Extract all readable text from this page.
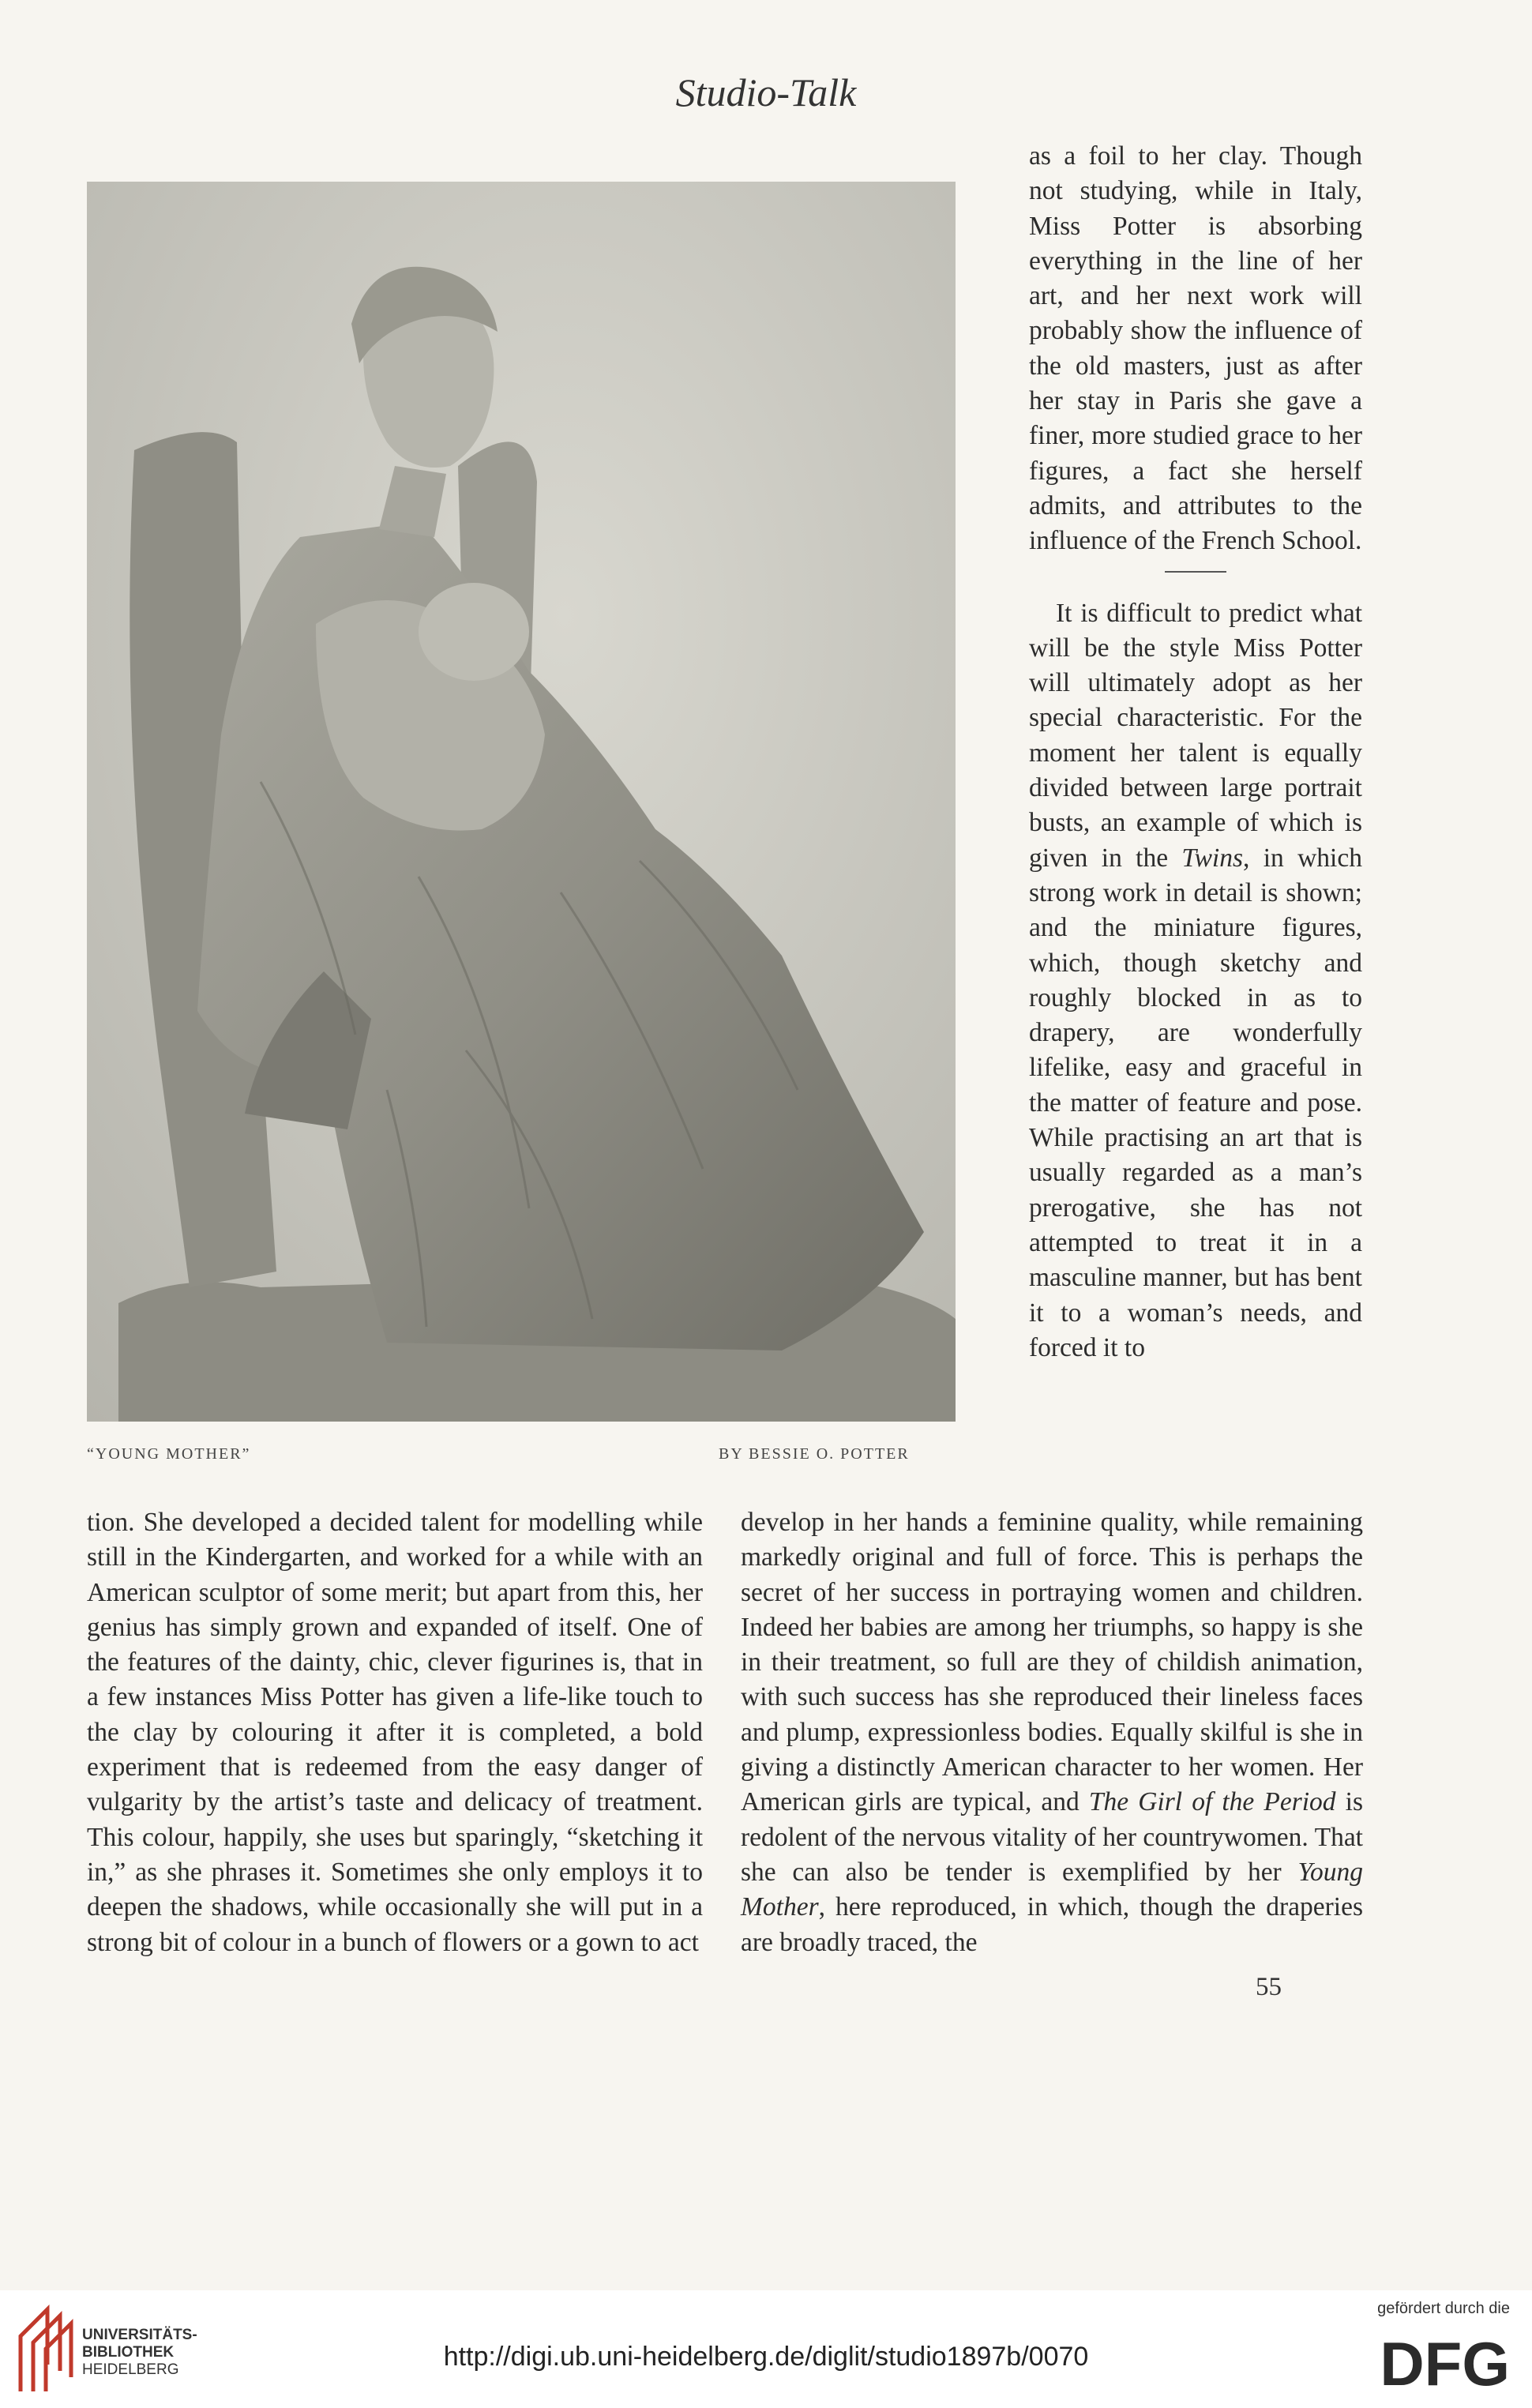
Studio-Talk
“YOUNG MOTHER”	BY BESSIE O. POTTER

as a foil to her clay. Though not studying, while in Italy, Miss Potter is absorbing everything in the line of her art, and her next work will probably show the influence of the old masters, just as after her stay in Paris she gave a finer, more studied grace to her figures, a fact she herself admits, and attributes to the influence of the French School.

It is difficult to predict what will be the style Miss Potter will ultimately adopt as her special characteristic. For the moment her talent is equally divided between large portrait busts, an example of which is given in the Twins, in which strong work in detail is shown; and the miniature figures, which, though sketchy and roughly blocked in as to drapery, are wonderfully lifelike, easy and graceful in the matter of feature and pose. While practising an art that is usually regarded as a man’s prerogative, she has not attempted to treat it in a masculine manner, but has bent it to a woman’s needs, and forced it to

tion. She developed a decided talent for modelling while still in the Kindergarten, and worked for a while with an American sculptor of some merit; but apart from this, her genius has simply grown and expanded of itself. One of the features of the dainty, chic, clever figurines is, that in a few instances Miss Potter has given a life-like touch to the clay by colouring it after it is completed, a bold experiment that is redeemed from the easy danger of vulgarity by the artist’s taste and delicacy of treatment. This colour, happily, she uses but sparingly, “sketching it in,” as she phrases it. Sometimes she only employs it to deepen the shadows, while occasionally she will put in a strong bit of colour in a bunch of flowers or a gown to act

develop in her hands a feminine quality, while remaining markedly original and full of force. This is perhaps the secret of her success in portraying women and children. Indeed her babies are among her triumphs, so happy is she in their treatment, so full are they of childish animation, with such success has she reproduced their lineless faces and plump, expressionless bodies. Equally skilful is she in giving a distinctly American character to her women. Her American girls are typical, and The Girl of the Period is redolent of the nervous vitality of her countrywomen. That she can also be tender is exemplified by her Young Mother, here reproduced, in which, though the draperies are broadly traced, the

55
UNIVERSITÄTS-
BIBLIOTHEK
HEIDELBERG	http://digi.ub.uni-heidelberg.de/diglit/studio1897b/0070
gefördert durch die
DFG
